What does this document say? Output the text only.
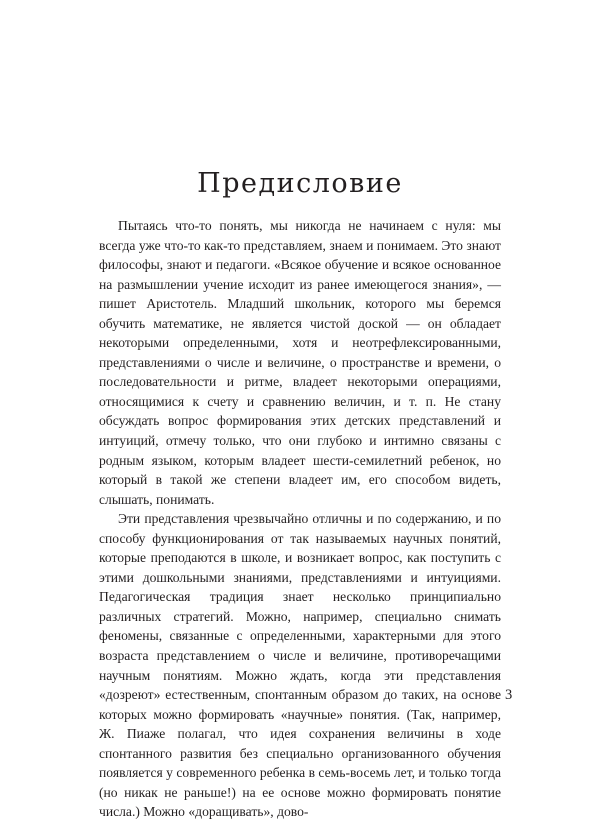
Предисловие

Пытаясь что-то понять, мы никогда не начинаем с нуля: мы всегда уже что-то как-то представляем, знаем и понимаем. Это знают философы, знают и педагоги. «Всякое обучение и всякое основанное на размышлении учение исходит из ранее имеющегося знания», — пишет Аристотель. Младший школьник, которого мы беремся обучить математике, не является чистой доской — он обладает некоторыми определенными, хотя и неотрефлексированными, представлениями о числе и величине, о пространстве и времени, о последовательности и ритме, владеет некоторыми операциями, относящимися к счету и сравнению величин, и т. п. Не стану обсуждать вопрос формирования этих детских представлений и интуиций, отмечу только, что они глубоко и интимно связаны с родным языком, которым владеет шести-семилетний ребенок, но который в такой же степени владеет им, его способом видеть, слышать, понимать.

Эти представления чрезвычайно отличны и по содержанию, и по способу функционирования от так называемых научных понятий, которые преподаются в школе, и возникает вопрос, как поступить с этими дошкольными знаниями, представлениями и интуициями. Педагогическая традиция знает несколько принципиально различных стратегий. Можно, например, специально снимать феномены, связанные с определенными, характерными для этого возраста представлением о числе и величине, противоречащими научным понятиям. Можно ждать, когда эти представления «дозреют» естественным, спонтанным образом до таких, на основе которых можно формировать «научные» понятия. (Так, например, Ж. Пиаже полагал, что идея сохранения величины в ходе спонтанного развития без специально организованного обучения появляется у современного ребенка в семь-восемь лет, и только тогда (но никак не раньше!) на ее основе можно формировать понятие числа.) Можно «доращивать», дово-

3
